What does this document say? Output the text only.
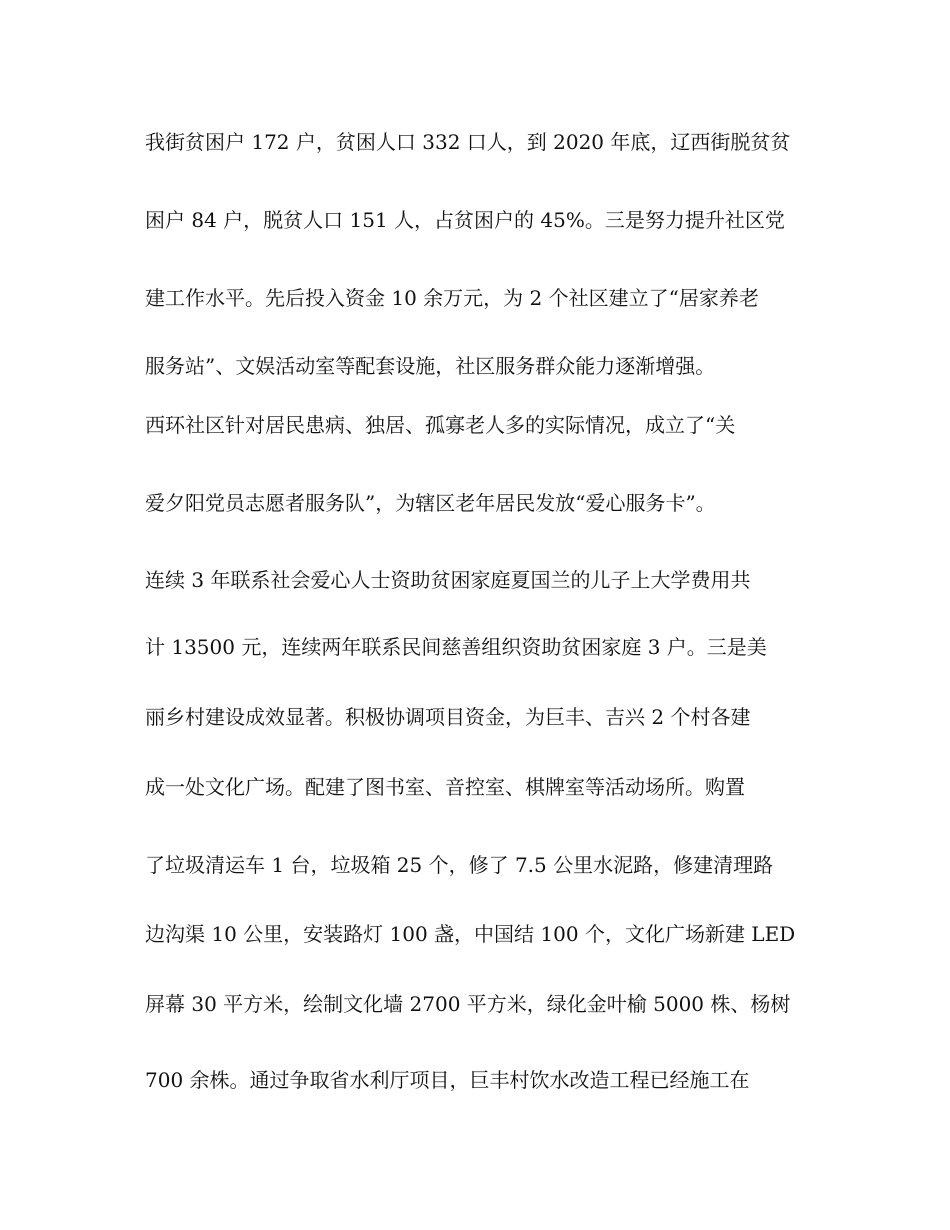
我街贫困户 172 户，贫困人口 332 口人，到 2020 年底，辽西街脱贫贫

困户 84 户，脱贫人口 151 人，占贫困户的 45%。三是努力提升社区党

建工作水平。先后投入资金 10 余万元，为 2 个社区建立了“居家养老

服务站”、文娱活动室等配套设施，社区服务群众能力逐渐增强。

西环社区针对居民患病、独居、孤寡老人多的实际情况，成立了“关

爱夕阳党员志愿者服务队”，为辖区老年居民发放“爱心服务卡”。

连续 3 年联系社会爱心人士资助贫困家庭夏国兰的儿子上大学费用共

计 13500 元，连续两年联系民间慈善组织资助贫困家庭 3 户。三是美

丽乡村建设成效显著。积极协调项目资金，为巨丰、吉兴 2 个村各建

成一处文化广场。配建了图书室、音控室、棋牌室等活动场所。购置

了垃圾清运车 1 台，垃圾箱 25 个，修了 7.5 公里水泥路，修建清理路

边沟渠 10 公里，安装路灯 100 盏，中国结 100 个，文化广场新建 LED

屏幕 30 平方米，绘制文化墙 2700 平方米，绿化金叶榆 5000 株、杨树

700 余株。通过争取省水利厅项目，巨丰村饮水改造工程已经施工在
